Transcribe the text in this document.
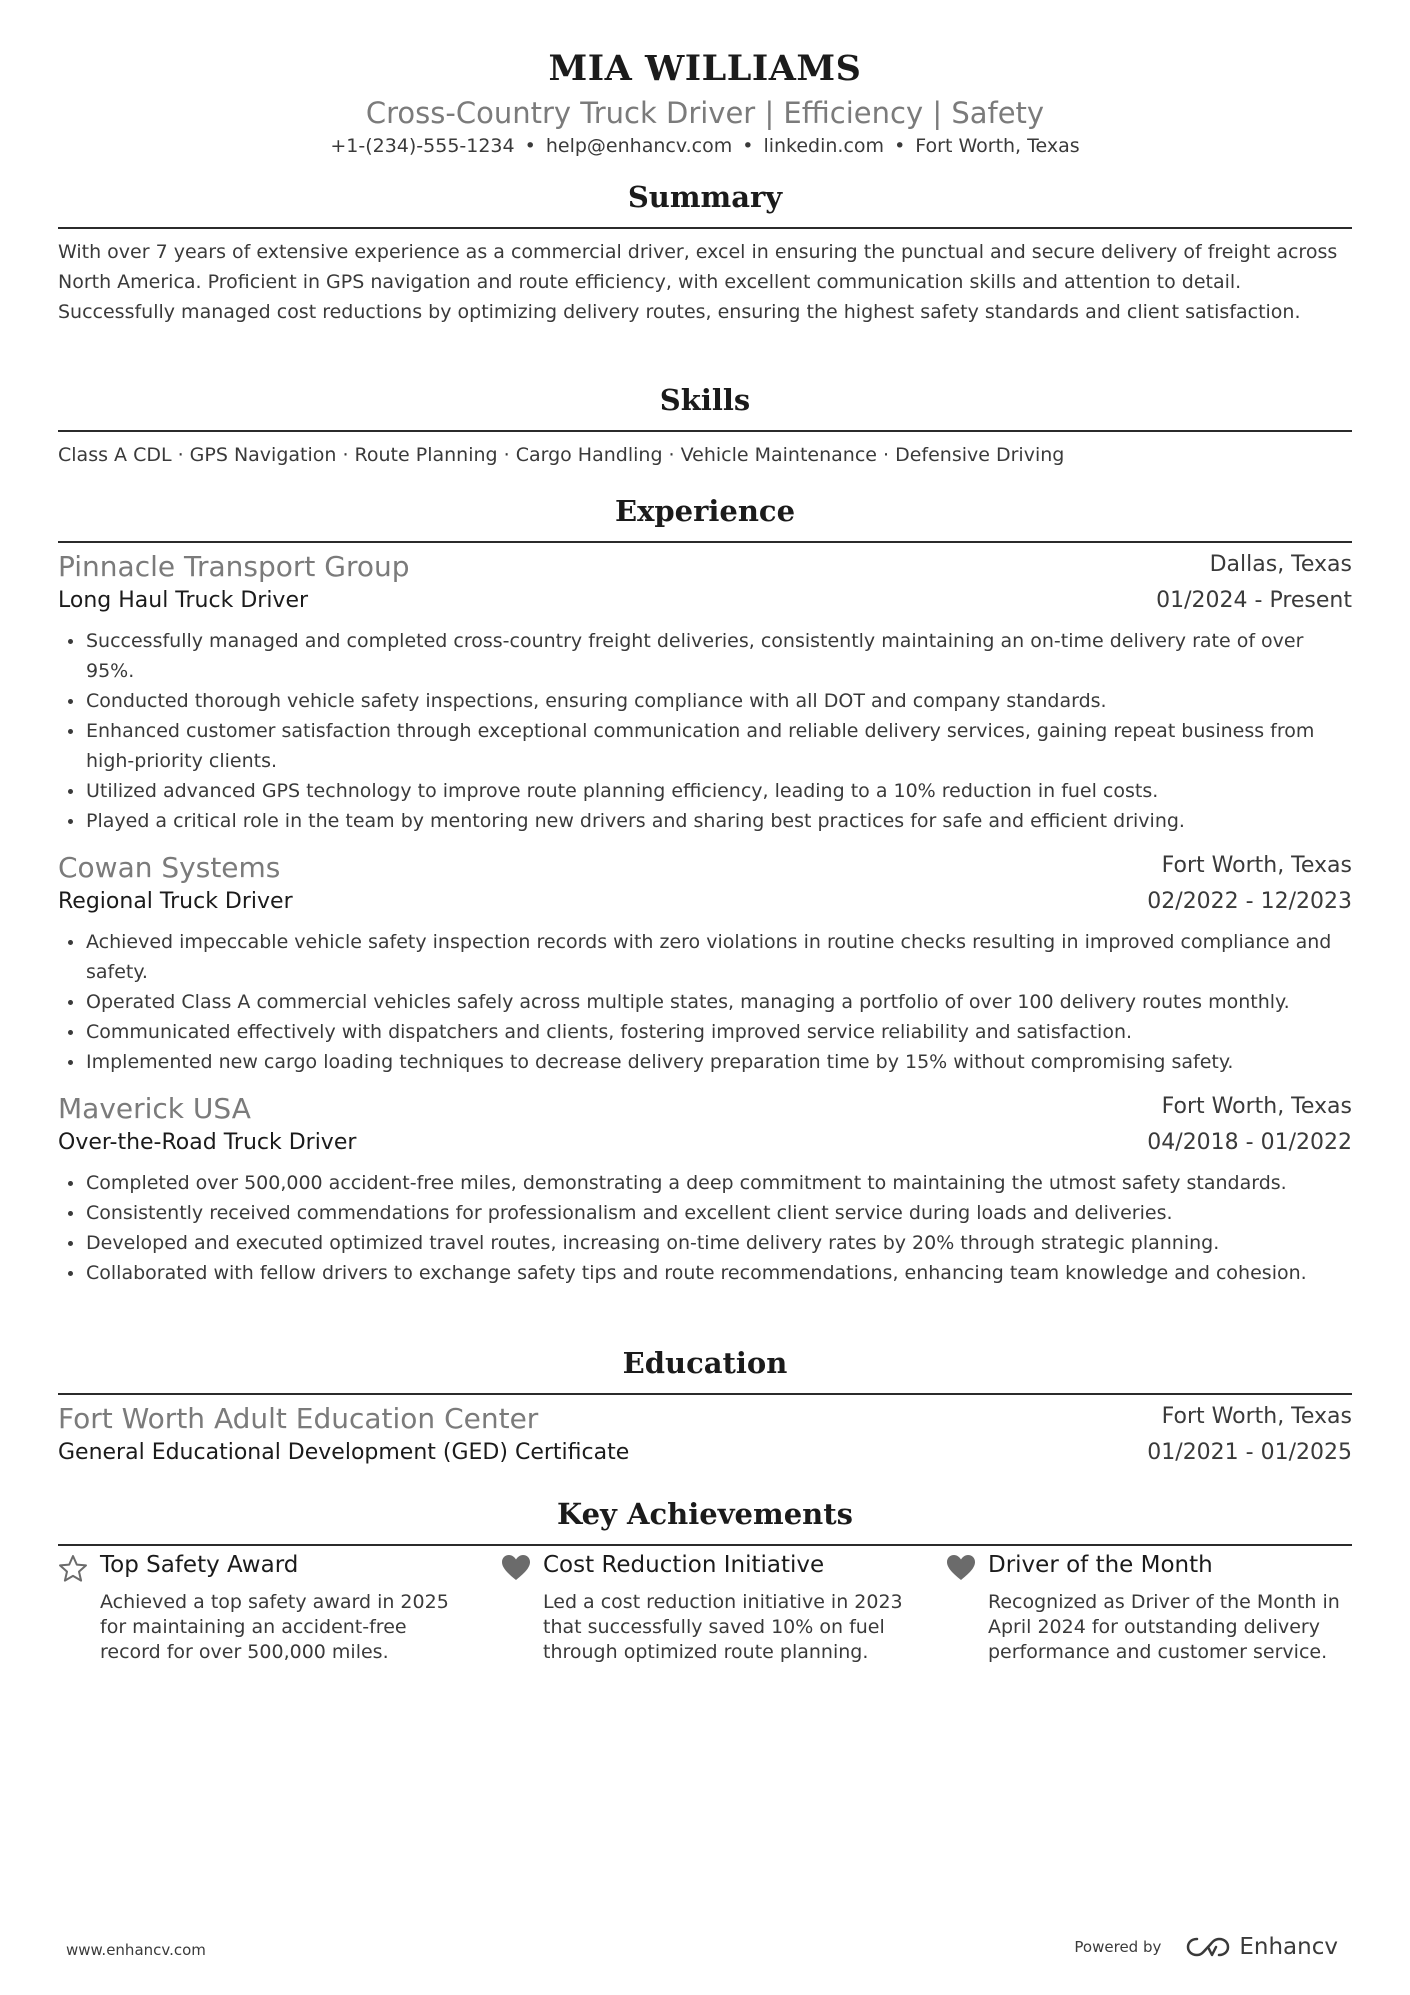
MIA WILLIAMS
Cross-Country Truck Driver | Efficiency | Safety
+1-(234)-555-1234 • help@enhancv.com • linkedin.com • Fort Worth, Texas
Summary
With over 7 years of extensive experience as a commercial driver, excel in ensuring the punctual and secure delivery of freight across North America. Proficient in GPS navigation and route efficiency, with excellent communication skills and attention to detail. Successfully managed cost reductions by optimizing delivery routes, ensuring the highest safety standards and client satisfaction.
Skills
Class A CDL · GPS Navigation · Route Planning · Cargo Handling · Vehicle Maintenance · Defensive Driving
Experience
Pinnacle Transport Group	Dallas, Texas
Long Haul Truck Driver	01/2024 - Present
Successfully managed and completed cross-country freight deliveries, consistently maintaining an on-time delivery rate of over 95%.
Conducted thorough vehicle safety inspections, ensuring compliance with all DOT and company standards.
Enhanced customer satisfaction through exceptional communication and reliable delivery services, gaining repeat business from high-priority clients.
Utilized advanced GPS technology to improve route planning efficiency, leading to a 10% reduction in fuel costs.
Played a critical role in the team by mentoring new drivers and sharing best practices for safe and efficient driving.
Cowan Systems	Fort Worth, Texas
Regional Truck Driver	02/2022 - 12/2023
Achieved impeccable vehicle safety inspection records with zero violations in routine checks resulting in improved compliance and safety.
Operated Class A commercial vehicles safely across multiple states, managing a portfolio of over 100 delivery routes monthly.
Communicated effectively with dispatchers and clients, fostering improved service reliability and satisfaction.
Implemented new cargo loading techniques to decrease delivery preparation time by 15% without compromising safety.
Maverick USA	Fort Worth, Texas
Over-the-Road Truck Driver	04/2018 - 01/2022
Completed over 500,000 accident-free miles, demonstrating a deep commitment to maintaining the utmost safety standards.
Consistently received commendations for professionalism and excellent client service during loads and deliveries.
Developed and executed optimized travel routes, increasing on-time delivery rates by 20% through strategic planning.
Collaborated with fellow drivers to exchange safety tips and route recommendations, enhancing team knowledge and cohesion.
Education
Fort Worth Adult Education Center	Fort Worth, Texas
General Educational Development (GED) Certificate	01/2021 - 01/2025
Key Achievements
Top Safety Award
Achieved a top safety award in 2025 for maintaining an accident-free record for over 500,000 miles.
Cost Reduction Initiative
Led a cost reduction initiative in 2023 that successfully saved 10% on fuel through optimized route planning.
Driver of the Month
Recognized as Driver of the Month in April 2024 for outstanding delivery performance and customer service.
www.enhancv.com	Powered by	Enhancv
